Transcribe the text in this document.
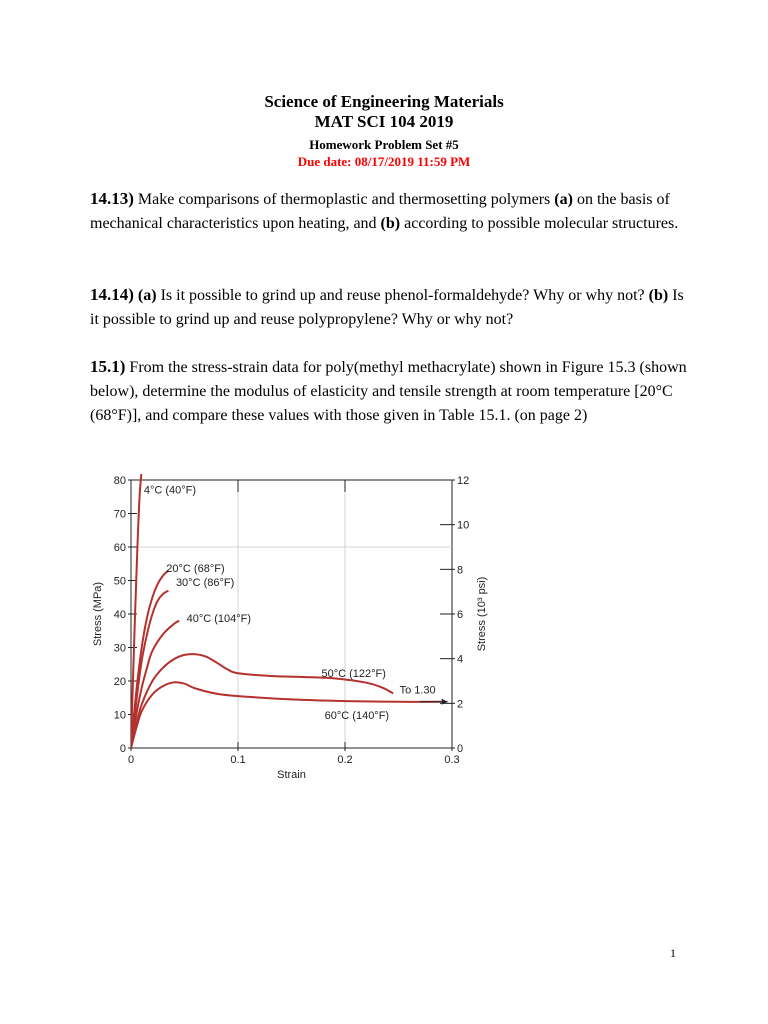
Science of Engineering Materials
MAT SCI 104 2019
Homework Problem Set #5
Due date: 08/17/2019 11:59 PM
14.13) Make comparisons of thermoplastic and thermosetting polymers (a) on the basis of mechanical characteristics upon heating, and (b) according to possible molecular structures.
14.14) (a) Is it possible to grind up and reuse phenol-formaldehyde? Why or why not? (b) Is it possible to grind up and reuse polypropylene? Why or why not?
15.1) From the stress-strain data for poly(methyl methacrylate) shown in Figure 15.3 (shown below), determine the modulus of elasticity and tensile strength at room temperature [20°C (68°F)], and compare these values with those given in Table 15.1. (on page 2)
0
10
20
30
40
50
60
70
80
0	0.1	0.2	0.3
0
2
4
6
8
10
12
Strain
Stress (MPa)	Stress (10³ psi)
4°C (40°F)
20°C (68°F)
30°C (86°F)
40°C (104°F)
50°C (122°F)
60°C (140°F)
To 1.30
1
